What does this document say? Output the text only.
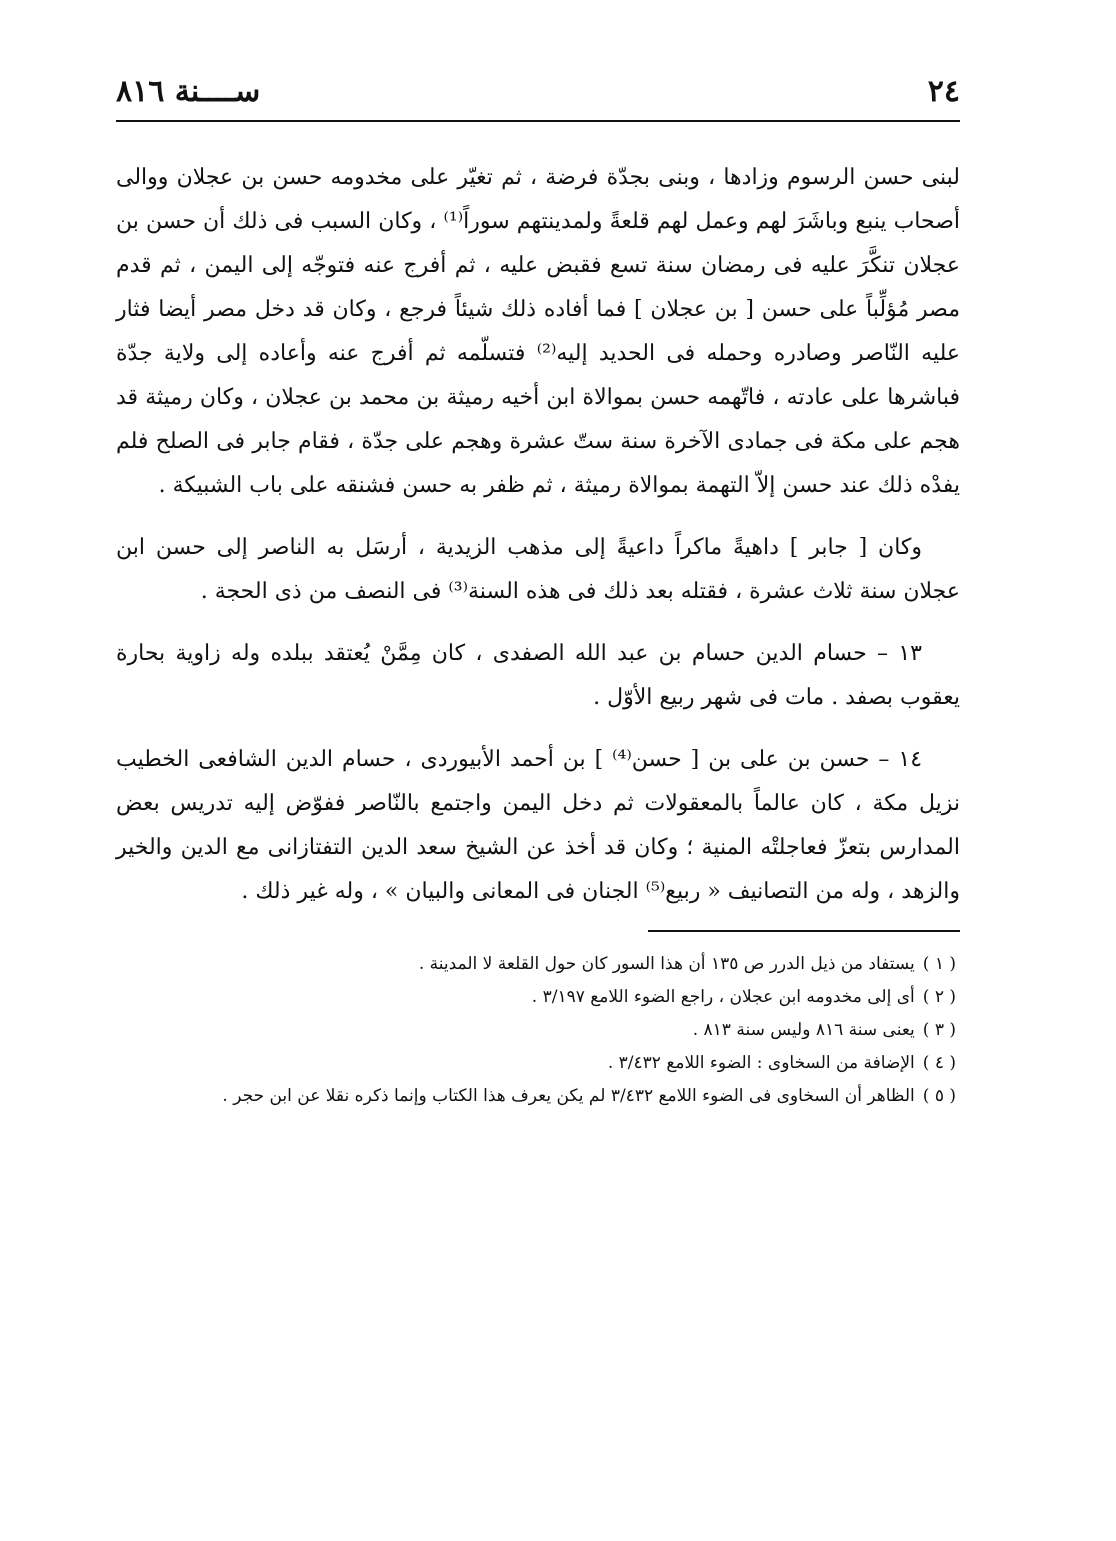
٢٤
ســــنة ٨١٦

لبنى حسن الرسوم وزادها ، وبنى بجدّة فرضة ، ثم تغيّر على مخدومه حسن بن عجلان ووالى أصحاب ينبع وباشَرَ لهم وعمل لهم قلعةً ولمدينتهم سوراً⁽¹⁾ ، وكان السبب فى ذلك أن حسن بن عجلان تنكَّرَ عليه فى رمضان سنة تسع فقبض عليه ، ثم أفرج عنه فتوجّه إلى اليمن ، ثم قدم مصر مُؤلِّباً على حسن [ بن عجلان ] فما أفاده ذلك شيئاً فرجع ، وكان قد دخل مصر أيضا فثار عليه النّاصر وصادره وحمله فى الحديد إليه⁽²⁾ فتسلّمه ثم أفرج عنه وأعاده إلى ولاية جدّة فباشرها على عادته ، فاتّهمه حسن بموالاة ابن أخيه رميثة بن محمد بن عجلان ، وكان رميثة قد هجم على مكة فى جمادى الآخرة سنة ستّ عشرة وهجم على جدّة ، فقام جابر فى الصلح فلم يفدْه ذلك عند حسن إلاّ التهمة بموالاة رميثة ، ثم ظفر به حسن فشنقه على باب الشبيكة .

وكان [ جابر ] داهيةً ماكراً داعيةً إلى مذهب الزيدية ، أرسَل به الناصر إلى حسن ابن عجلان سنة ثلاث عشرة ، فقتله بعد ذلك فى هذه السنة⁽³⁾ فى النصف من ذى الحجة .

١٣ – حسام الدين حسام بن عبد الله الصفدى ، كان مِمَّنْ يُعتقد ببلده وله زاوية بحارة يعقوب بصفد . مات فى شهر ربيع الأوّل .

١٤ – حسن بن على بن [ حسن⁽⁴⁾ ] بن أحمد الأبيوردى ، حسام الدين الشافعى الخطيب نزيل مكة ، كان عالماً بالمعقولات ثم دخل اليمن واجتمع بالنّاصر ففوّض إليه تدريس بعض المدارس بتعزّ فعاجلتْه المنية ؛ وكان قد أخذ عن الشيخ سعد الدين التفتازانى مع الدين والخير والزهد ، وله من التصانيف « ربيع⁽⁵⁾ الجنان فى المعانى والبيان » ، وله غير ذلك .

( ١ )يستفاد من ذيل الدرر ص ١٣٥ أن هذا السور كان حول القلعة لا المدينة .

( ٢ )أى إلى مخدومه ابن عجلان ، راجع الضوء اللامع ٣/١٩٧ .

( ٣ )يعنى سنة ٨١٦ وليس سنة ٨١٣ .

( ٤ )الإضافة من السخاوى : الضوء اللامع ٣/٤٣٢ .

( ٥ )الظاهر أن السخاوى فى الضوء اللامع ٣/٤٣٢ لم يكن يعرف هذا الكتاب وإنما ذكره نقلا عن ابن حجر .
